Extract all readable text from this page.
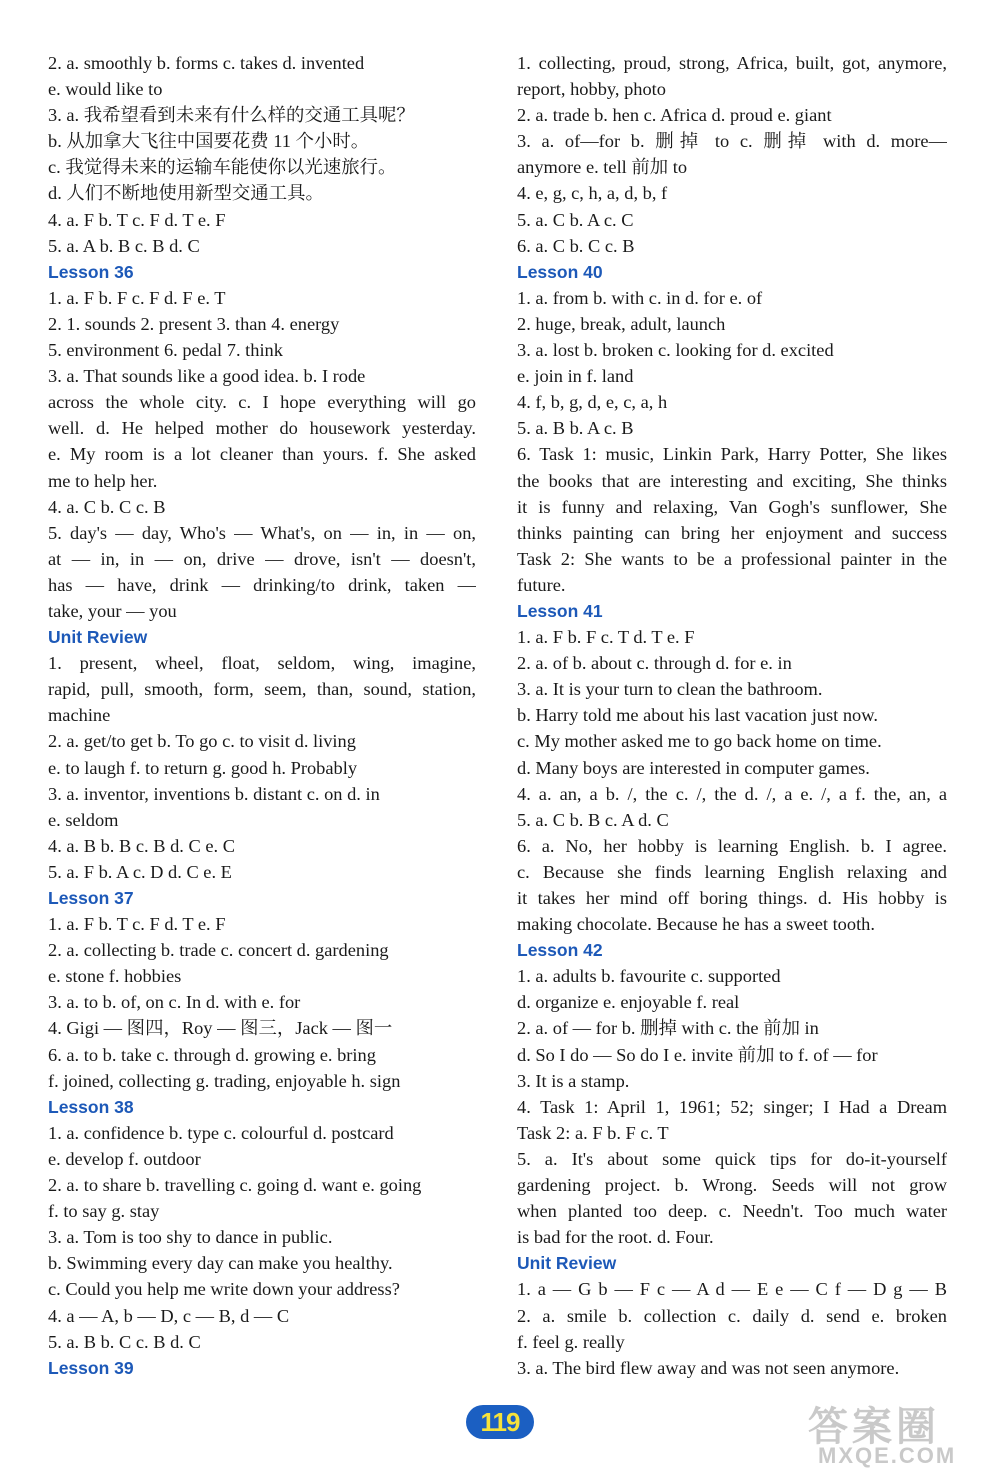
2. a. smoothly b. forms c. takes d. invented
e. would like to
3. a. 我希望看到未来有什么样的交通工具呢？
b. 从加拿大飞往中国要花费 11 个小时。
c. 我觉得未来的运输车能使你以光速旅行。
d. 人们不断地使用新型交通工具。
4. a. F b. T c. F d. T e. F
5. a. A b. B c. B d. C
Lesson 36
1. a. F b. F c. F d. F e. T
2. 1. sounds 2. present 3. than 4. energy
5. environment 6. pedal 7. think
3. a. That sounds like a good idea. b. I rode
across the whole city. c. I hope everything will go
well. d. He helped mother do housework yesterday.
e. My room is a lot cleaner than yours. f. She asked
me to help her.
4. a. C b. C c. B
5. day's — day, Who's — What's, on — in, in — on,
at — in, in — on, drive — drove, isn't — doesn't,
has — have, drink — drinking/to drink, taken —
take, your — you
Unit Review
1. present, wheel, float, seldom, wing, imagine,
rapid, pull, smooth, form, seem, than, sound, station,
machine
2. a. get/to get b. To go c. to visit d. living
e. to laugh f. to return g. good h. Probably
3. a. inventor, inventions b. distant c. on d. in
e. seldom
4. a. B b. B c. B d. C e. C
5. a. F b. A c. D d. C e. E
Lesson 37
1. a. F b. T c. F d. T e. F
2. a. collecting b. trade c. concert d. gardening
e. stone f. hobbies
3. a. to b. of, on c. In d. with e. for
4. Gigi — 图四，Roy — 图三，Jack — 图一
6. a. to b. take c. through d. growing e. bring
f. joined, collecting g. trading, enjoyable h. sign
Lesson 38
1. a. confidence b. type c. colourful d. postcard
e. develop f. outdoor
2. a. to share b. travelling c. going d. want e. going
f. to say g. stay
3. a. Tom is too shy to dance in public.
b. Swimming every day can make you healthy.
c. Could you help me write down your address?
4. a — A, b — D, c — B, d — C
5. a. B b. C c. B d. C
Lesson 39
1. collecting, proud, strong, Africa, built, got, anymore,
report, hobby, photo
2. a. trade b. hen c. Africa d. proud e. giant
3. a. of—for b. 删掉 to c. 删掉 with d. more—
anymore e. tell 前加 to
4. e, g, c, h, a, d, b, f
5. a. C b. A c. C
6. a. C b. C c. B
Lesson 40
1. a. from b. with c. in d. for e. of
2. huge, break, adult, launch
3. a. lost b. broken c. looking for d. excited
e. join in f. land
4. f, b, g, d, e, c, a, h
5. a. B b. A c. B
6. Task 1: music, Linkin Park, Harry Potter, She likes
the books that are interesting and exciting, She thinks
it is funny and relaxing, Van Gogh's sunflower, She
thinks painting can bring her enjoyment and success
Task 2: She wants to be a professional painter in the
future.
Lesson 41
1. a. F b. F c. T d. T e. F
2. a. of b. about c. through d. for e. in
3. a. It is your turn to clean the bathroom.
b. Harry told me about his last vacation just now.
c. My mother asked me to go back home on time.
d. Many boys are interested in computer games.
4. a. an, a b. /, the c. /, the d. /, a e. /, a f. the, an, a
5. a. C b. B c. A d. C
6. a. No, her hobby is learning English. b. I agree.
c. Because she finds learning English relaxing and
it takes her mind off boring things. d. His hobby is
making chocolate. Because he has a sweet tooth.
Lesson 42
1. a. adults b. favourite c. supported
d. organize e. enjoyable f. real
2. a. of — for b. 删掉 with c. the 前加 in
d. So I do — So do I e. invite 前加 to f. of — for
3. It is a stamp.
4. Task 1: April 1, 1961; 52; singer; I Had a Dream
Task 2: a. F b. F c. T
5. a. It's about some quick tips for do-it-yourself
gardening project. b. Wrong. Seeds will not grow
when planted too deep. c. Needn't. Too much water
is bad for the root. d. Four.
Unit Review
1. a — G b — F c — A d — E e — C f — D g — B
2. a. smile b. collection c. daily d. send e. broken
f. feel g. really
3. a. The bird flew away and was not seen anymore.
119	答案圈
MXQE.COM
